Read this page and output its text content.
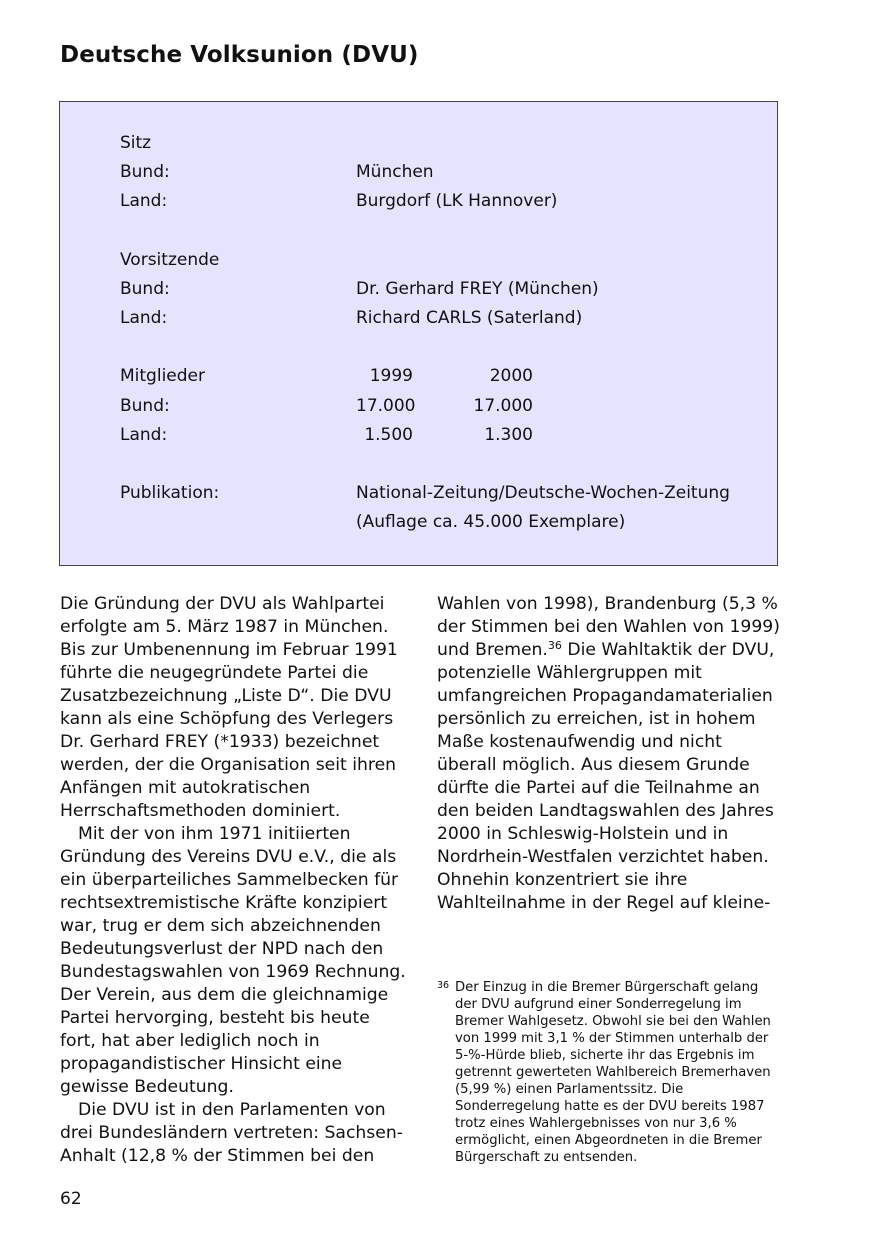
Deutsche Volksunion (DVU)
Sitz
Bund:	München
Land:	Burgdorf (LK Hannover)
Vorsitzende
Bund:	Dr. Gerhard FREY (München)
Land:	Richard CARLS (Saterland)
Mitglieder	1999	2000
Bund:	17.000	17.000
Land:	1.500	1.300
Publikation:	National-Zeitung/Deutsche-Wochen-Zeitung
(Auflage ca. 45.000 Exemplare)

Die Gründung der DVU als Wahlpartei erfolgte am 5. März 1987 in München. Bis zur Umbenennung im Februar 1991 führte die neugegründete Partei die Zusatzbezeichnung „Liste D“. Die DVU kann als eine Schöpfung des Verlegers Dr. Gerhard FREY (*1933) bezeichnet werden, der die Organisation seit ihren Anfängen mit autokratischen Herrschaftsmethoden dominiert.

Mit der von ihm 1971 initiierten Gründung des Vereins DVU e.V., die als ein überparteiliches Sammelbecken für rechtsextremistische Kräfte konzipiert war, trug er dem sich abzeichnenden Bedeutungsverlust der NPD nach den Bundestagswahlen von 1969 Rechnung. Der Verein, aus dem die gleichnamige Partei hervorging, besteht bis heute fort, hat aber lediglich noch in propagandistischer Hinsicht eine gewisse Bedeutung.

Die DVU ist in den Parlamenten von drei Bundesländern vertreten: Sachsen-Anhalt (12,8 % der Stimmen bei den

Wahlen von 1998), Brandenburg (5,3 % der Stimmen bei den Wahlen von 1999) und Bremen.$^{36}$ Die Wahltaktik der DVU, potenzielle Wählergruppen mit umfangreichen Propagandamaterialien persönlich zu erreichen, ist in hohem Maße kostenaufwendig und nicht überall möglich. Aus diesem Grunde dürfte die Partei auf die Teilnahme an den beiden Landtagswahlen des Jahres 2000 in Schleswig-Holstein und in Nordrhein-Westfalen verzichtet haben. Ohnehin konzentriert sie ihre Wahlteilnahme in der Regel auf kleine-

36 Der Einzug in die Bremer Bürgerschaft gelang der DVU aufgrund einer Sonderregelung im Bremer Wahlgesetz. Obwohl sie bei den Wahlen von 1999 mit 3,1 % der Stimmen unterhalb der 5-%-Hürde blieb, sicherte ihr das Ergebnis im getrennt gewerteten Wahlbereich Bremerhaven (5,99 %) einen Parlamentssitz. Die Sonderregelung hatte es der DVU bereits 1987 trotz eines Wahlergebnisses von nur 3,6 % ermöglicht, einen Abgeordneten in die Bremer Bürgerschaft zu entsenden.
62
